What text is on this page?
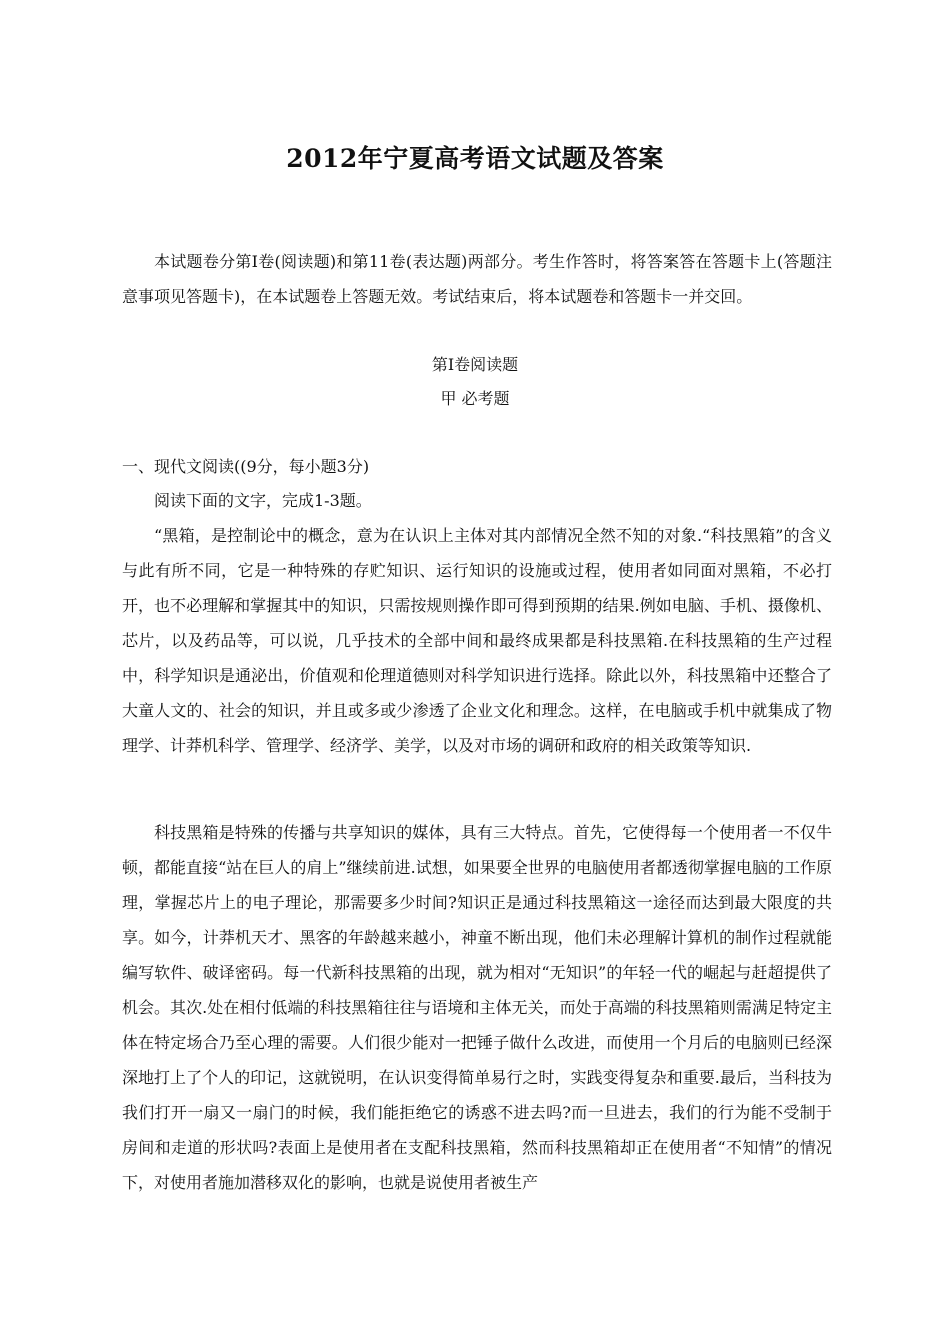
2012年宁夏高考语文试题及答案

本试题卷分第Ⅰ卷(阅读题)和第11卷(表达题)两部分。考生作答时，将答案答在答题卡上(答题注意事项见答题卡)，在本试题卷上答题无效。考试结束后，将本试题卷和答题卡一并交回。

第Ⅰ卷阅读题

甲 必考题

一、现代文阅读((9分，每小题3分)

阅读下面的文字，完成1-3题。

“黑箱，是控制论中的概念，意为在认识上主体对其内部情况全然不知的对象.“科技黑箱”的含义与此有所不同，它是一种特殊的存贮知识、运行知识的设施或过程，使用者如同面对黑箱，不必打开，也不必理解和掌握其中的知识，只需按规则操作即可得到预期的结果.例如电脑、手机、摄像机、芯片，以及药品等，可以说，几乎技术的全部中间和最终成果都是科技黑箱.在科技黑箱的生产过程中，科学知识是通泌出，价值观和伦理道德则对科学知识进行选择。除此以外，科技黑箱中还整合了大童人文的、社会的知识，并且或多或少渗透了企业文化和理念。这样，在电脑或手机中就集成了物理学、计莽机科学、管理学、经济学、美学，以及对市场的调研和政府的相关政策等知识.

科技黑箱是特殊的传播与共享知识的媒体，具有三大特点。首先，它使得每一个使用者一不仅牛顿，都能直接“站在巨人的肩上”继续前进.试想，如果要全世界的电脑使用者都透彻掌握电脑的工作原理，掌握芯片上的电子理论，那需要多少时间?知识正是通过科技黑箱这一途径而达到最大限度的共享。如今，计莽机天才、黑客的年龄越来越小，神童不断出现，他们未必理解计算机的制作过程就能编写软件、破译密码。每一代新科技黑箱的出现，就为相对“无知识”的年轻一代的崛起与赶超提供了机会。其次.处在相付低端的科技黑箱往往与语境和主体无关，而处于高端的科技黑箱则需满足特定主体在特定场合乃至心理的需要。人们很少能对一把锤子做什么改进，而使用一个月后的电脑则已经深深地打上了个人的印记，这就锐明，在认识变得简单易行之时，实践变得复杂和重要.最后，当科技为我们打开一扇又一扇门的时候，我们能拒绝它的诱惑不进去吗?而一旦进去，我们的行为能不受制于房间和走道的形状吗?表面上是使用者在支配科技黑箱，然而科技黑箱却正在使用者“不知情”的情况下，对使用者施加潜移双化的影响，也就是说使用者被生产
